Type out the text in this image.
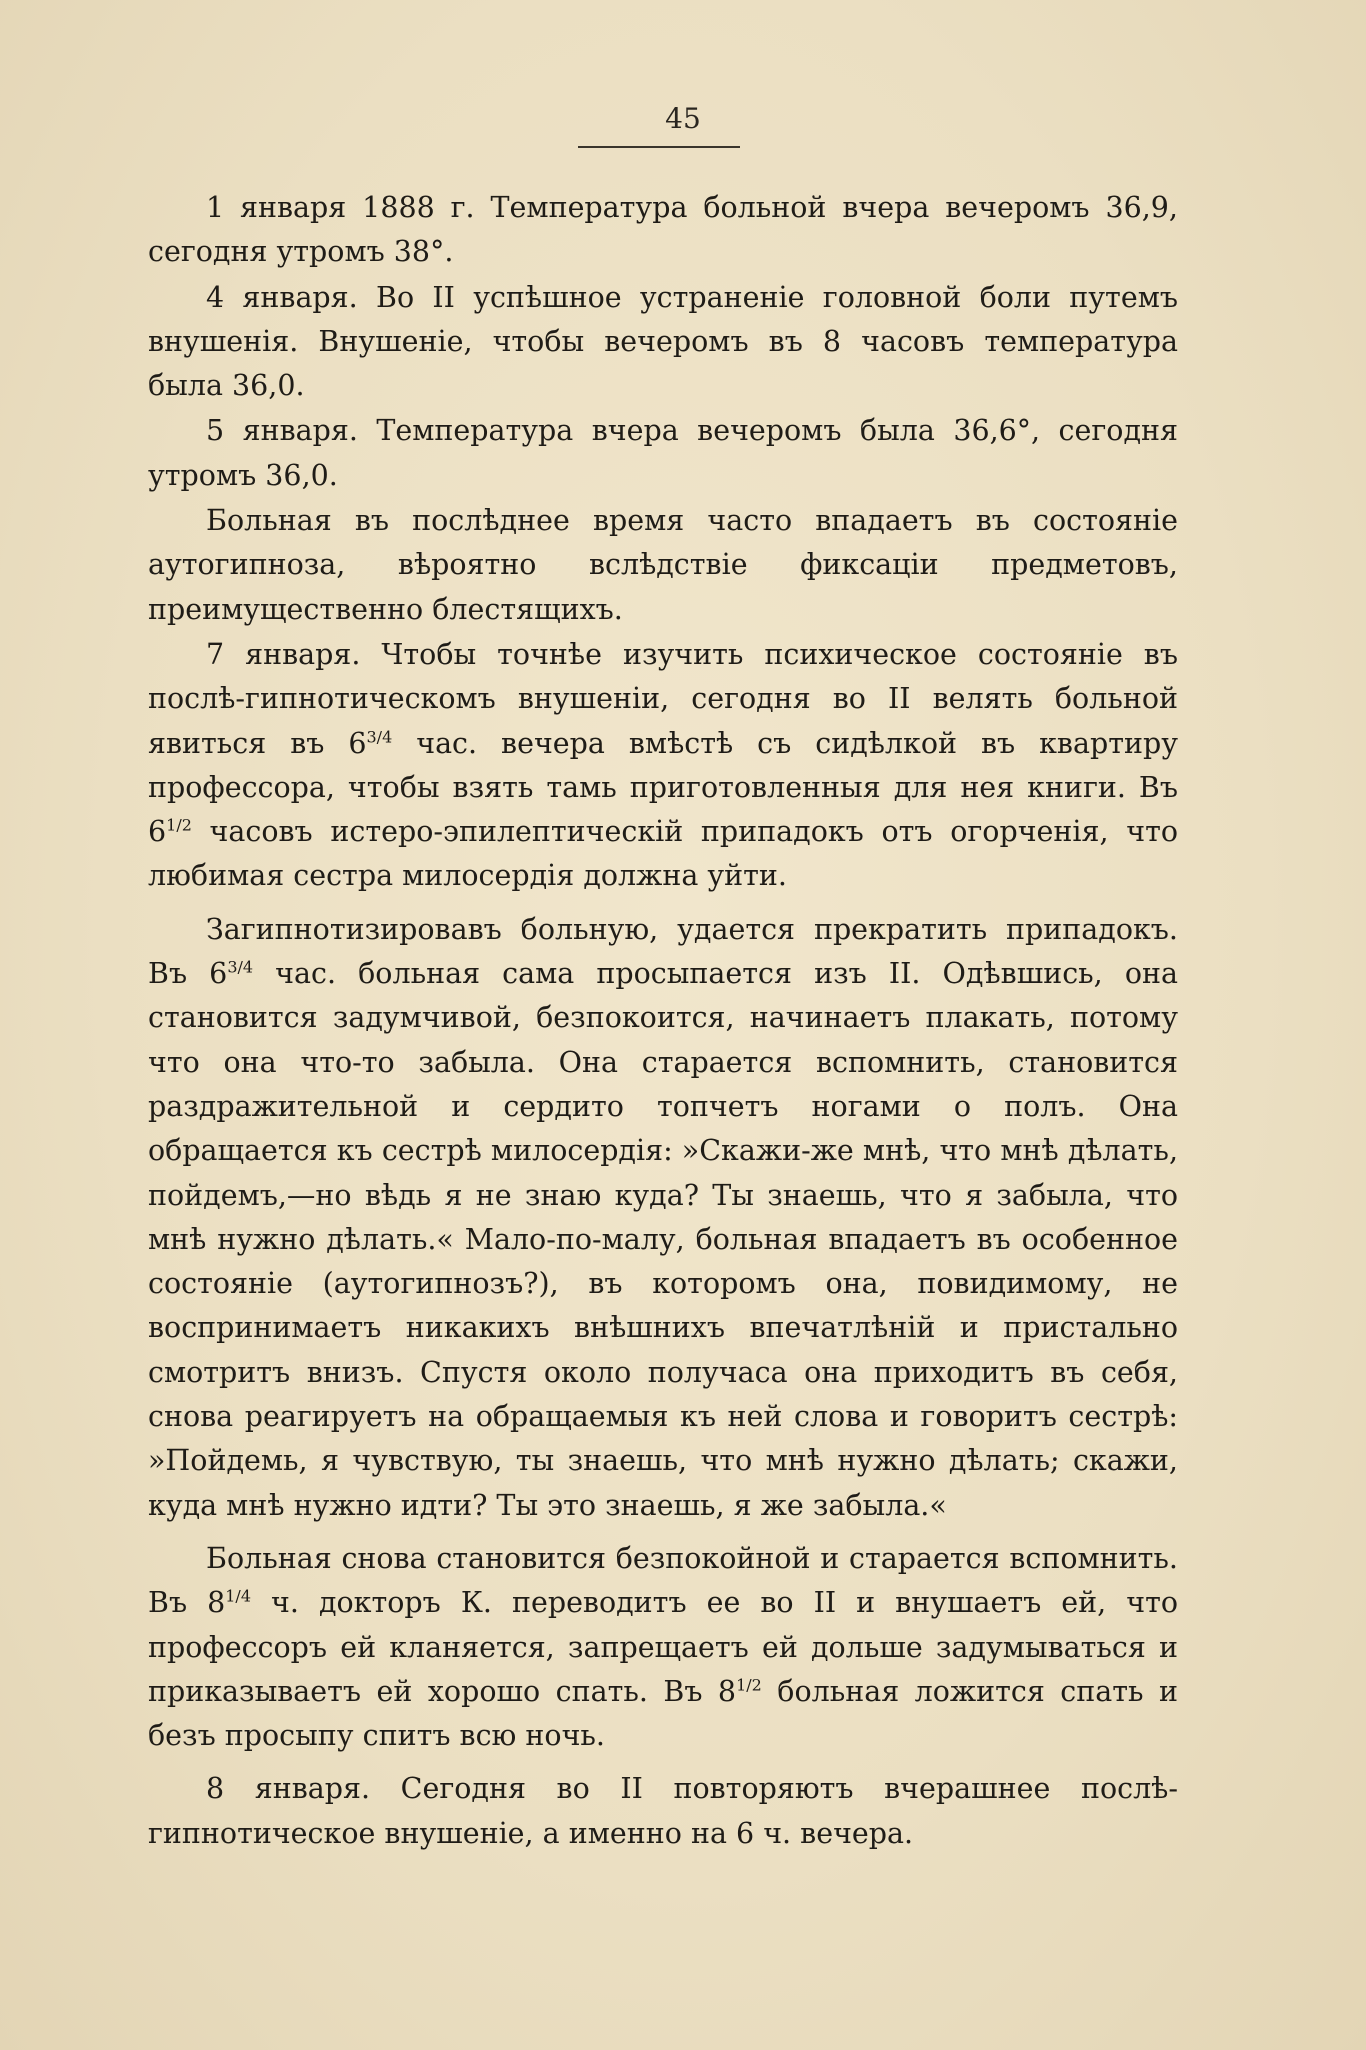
45

1 января 1888 г. Температура больной вчера вечеромъ 36,9, сегодня утромъ 38°.

4 января. Во II успѣшное устраненіе головной боли путемъ внушенія. Внушеніе, чтобы вечеромъ въ 8 часовъ температура была 36,0.

5 января. Температура вчера вечеромъ была 36,6°, сегодня утромъ 36,0.

Больная въ послѣднее время часто впадаетъ въ состояніе аутогипноза, вѣроятно вслѣдствіе фиксаціи предметовъ, преимущественно блестящихъ.

7 января. Чтобы точнѣе изучить психическое состояніе въ послѣ-гипнотическомъ внушеніи, сегодня во II велять больной явиться въ $6^{3/4}$ час. вечера вмѣстѣ съ сидѣлкой въ квартиру профессора, чтобы взять тамь приготовленныя для нея книги. Въ $6^{1/2}$ часовъ истеро-эпилептическій припадокъ отъ огорченія, что любимая сестра милосердія должна уйти.

Загипнотизировавъ больную, удается прекратить припадокъ. Въ $6^{3/4}$ час. больная сама просыпается изъ II. Одѣвшись, она становится задумчивой, безпокоится, начинаетъ плакать, потому что она что-то забыла. Она старается вспомнить, становится раздражительной и сердито топчетъ ногами о полъ. Она обращается къ сестрѣ милосердія: »Скажи-же мнѣ, что мнѣ дѣлать, пойдемъ,—но вѣдь я не знаю куда? Ты знаешь, что я забыла, что мнѣ нужно дѣлать.« Мало-по-малу, больная впадаетъ въ особенное состояніе (аутогипнозъ?), въ которомъ она, повидимому, не воспринимаетъ никакихъ внѣшнихъ впечатлѣній и пристально смотритъ внизъ. Спустя около получаса она приходитъ въ себя, снова реагируетъ на обращаемыя къ ней слова и говоритъ сестрѣ: »Пойдемь, я чувствую, ты знаешь, что мнѣ нужно дѣлать; скажи, куда мнѣ нужно идти? Ты это знаешь, я же забыла.«

Больная снова становится безпокойной и старается вспомнить. Въ $8^{1/4}$ ч. докторъ К. переводитъ ее во II и внушаетъ ей, что профессоръ ей кланяется, запрещаетъ ей дольше задумываться и приказываетъ ей хорошо спать. Въ $8^{1/2}$ больная ложится спать и безъ просыпу спитъ всю ночь.

8 января. Сегодня во II повторяютъ вчерашнее послѣ-гипнотическое внушеніе, а именно на 6 ч. вечера.
